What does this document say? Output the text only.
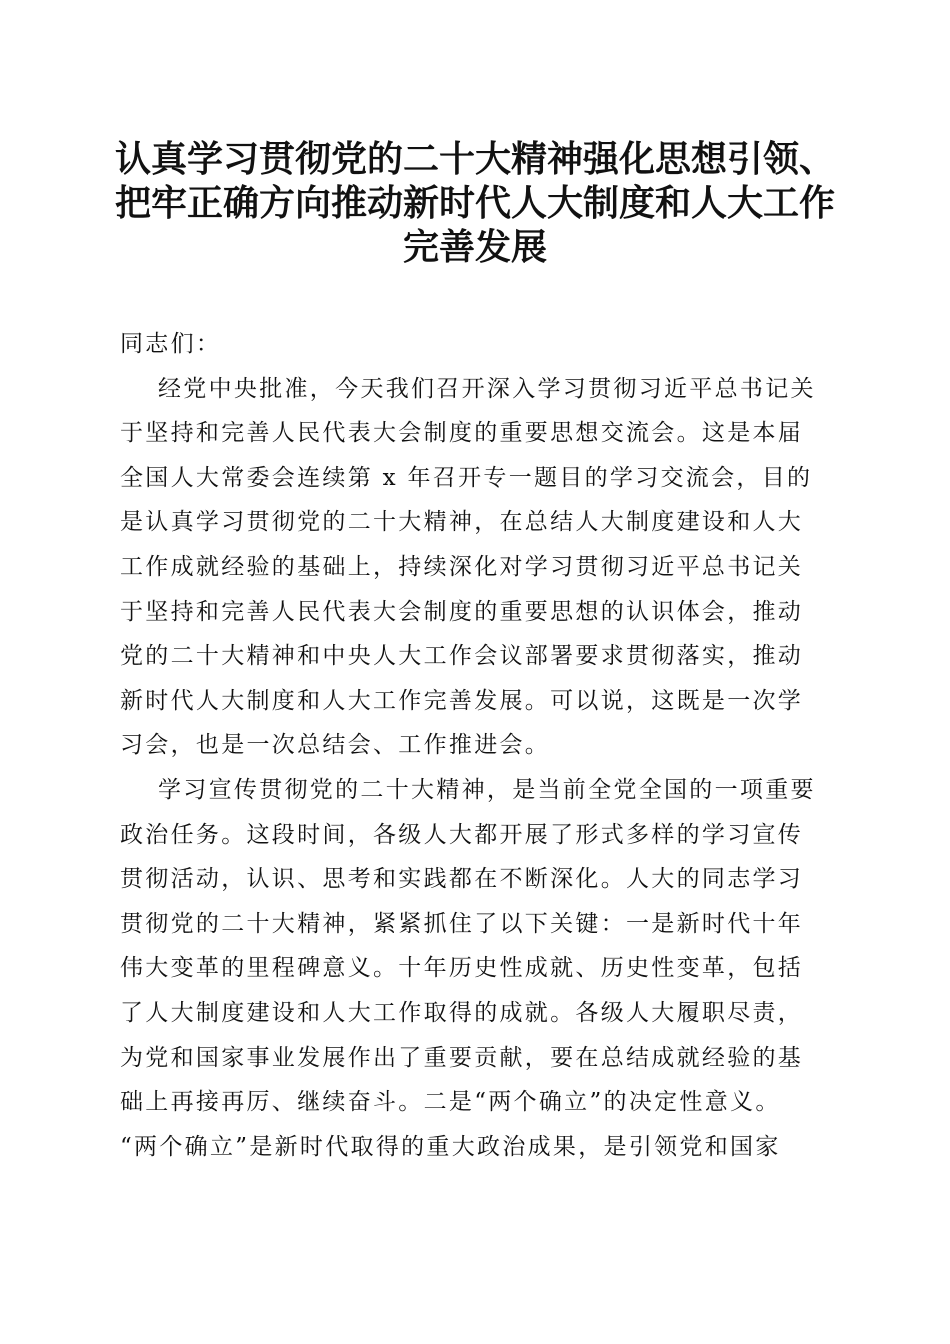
认真学习贯彻党的二十大精神强化思想引领、
把牢正确方向推动新时代人大制度和人大工作
完善发展
同志们：
经党中央批准，今天我们召开深入学习贯彻习近平总书记关
于坚持和完善人民代表大会制度的重要思想交流会。这是本届
全国人大常委会连续第 x 年召开专一题目的学习交流会，目的
是认真学习贯彻党的二十大精神，在总结人大制度建设和人大
工作成就经验的基础上，持续深化对学习贯彻习近平总书记关
于坚持和完善人民代表大会制度的重要思想的认识体会，推动
党的二十大精神和中央人大工作会议部署要求贯彻落实，推动
新时代人大制度和人大工作完善发展。可以说，这既是一次学
习会，也是一次总结会、工作推进会。
学习宣传贯彻党的二十大精神，是当前全党全国的一项重要
政治任务。这段时间，各级人大都开展了形式多样的学习宣传
贯彻活动，认识、思考和实践都在不断深化。人大的同志学习
贯彻党的二十大精神，紧紧抓住了以下关键：一是新时代十年
伟大变革的里程碑意义。十年历史性成就、历史性变革，包括
了人大制度建设和人大工作取得的成就。各级人大履职尽责，
为党和国家事业发展作出了重要贡献，要在总结成就经验的基
础上再接再厉、继续奋斗。二是“两个确立”的决定性意义。
“两个确立”是新时代取得的重大政治成果，是引领党和国家
